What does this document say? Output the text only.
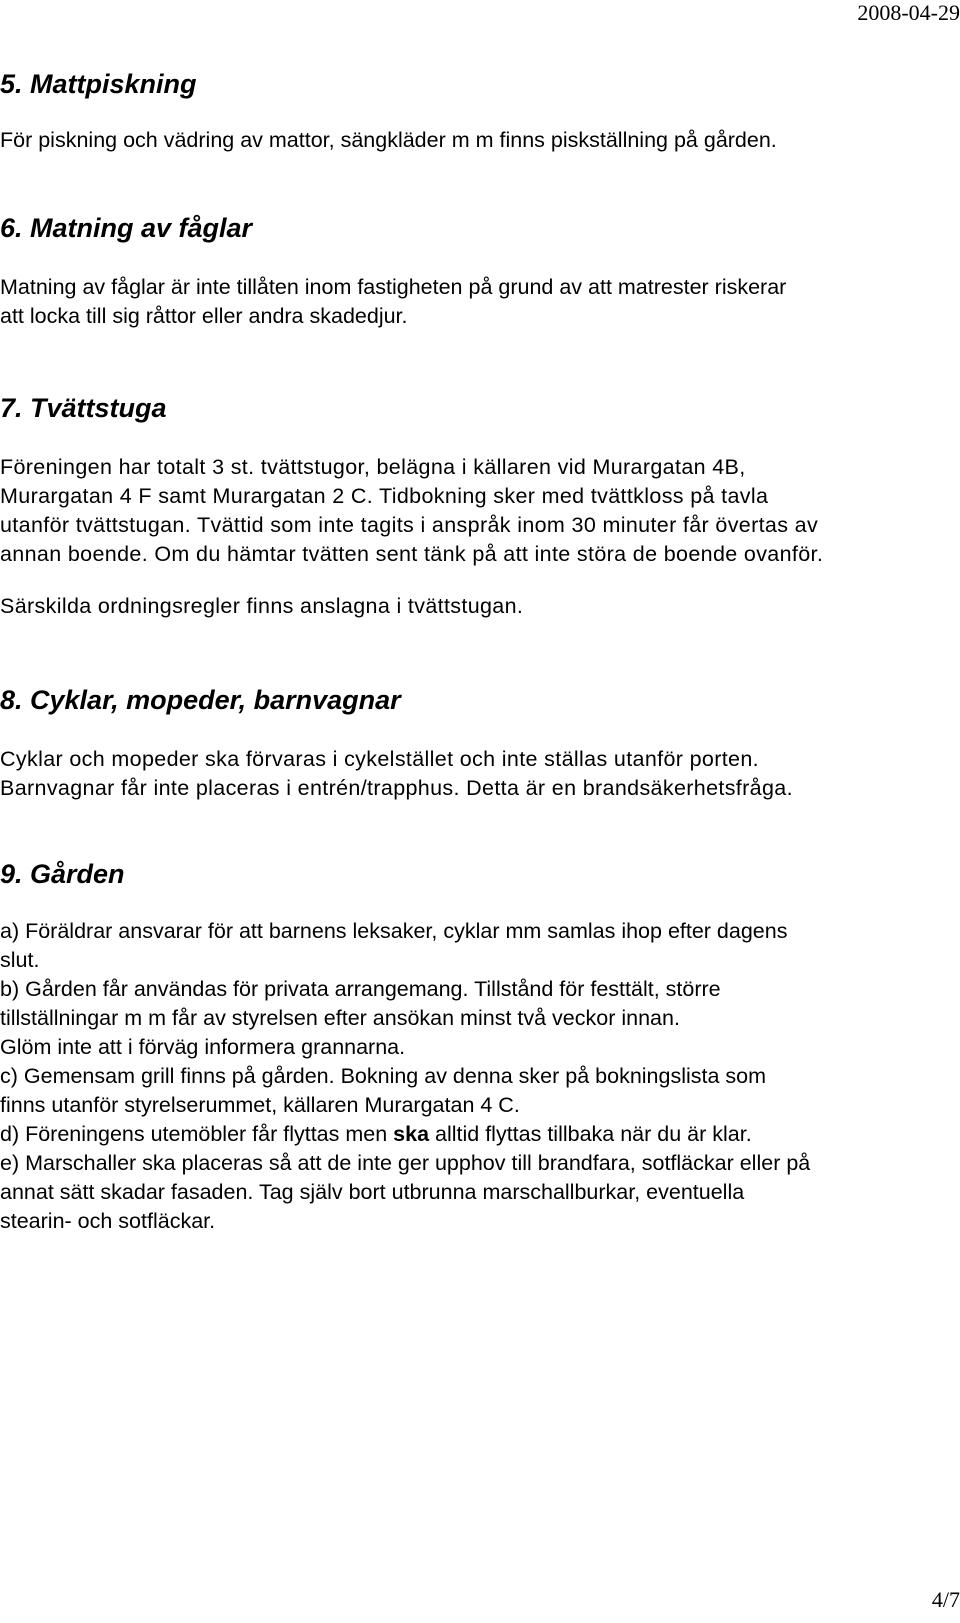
2008-04-29
5. Mattpiskning
För piskning och vädring av mattor, sängkläder m m finns piskställning på gården.
6. Matning av fåglar
Matning av fåglar är inte tillåten inom fastigheten på grund av att matrester riskerar
att locka till sig råttor eller andra skadedjur.
7. Tvättstuga
Föreningen har totalt 3 st. tvättstugor, belägna i källaren vid Murargatan 4B,
Murargatan 4 F samt Murargatan 2 C. Tidbokning sker med tvättkloss på tavla
utanför tvättstugan. Tvättid som inte tagits i anspråk inom 30 minuter får övertas av
annan boende. Om du hämtar tvätten sent tänk på att inte störa de boende ovanför.
Särskilda ordningsregler finns anslagna i tvättstugan.
8. Cyklar, mopeder, barnvagnar
Cyklar och mopeder ska förvaras i cykelstället och inte ställas utanför porten.
Barnvagnar får inte placeras i entrén/trapphus. Detta är en brandsäkerhetsfråga.
9. Gården
a) Föräldrar ansvarar för att barnens leksaker, cyklar mm samlas ihop efter dagens
slut.
b) Gården får användas för privata arrangemang. Tillstånd för festtält, större
tillställningar m m får av styrelsen efter ansökan minst två veckor innan.
Glöm inte att i förväg informera grannarna.
c) Gemensam grill finns på gården. Bokning av denna sker på bokningslista som
finns utanför styrelserummet, källaren Murargatan 4 C.
d) Föreningens utemöbler får flyttas men ska alltid flyttas tillbaka när du är klar.
e) Marschaller ska placeras så att de inte ger upphov till brandfara, sotfläckar eller på
annat sätt skadar fasaden. Tag själv bort utbrunna marschallburkar, eventuella
stearin- och sotfläckar.
4/7
